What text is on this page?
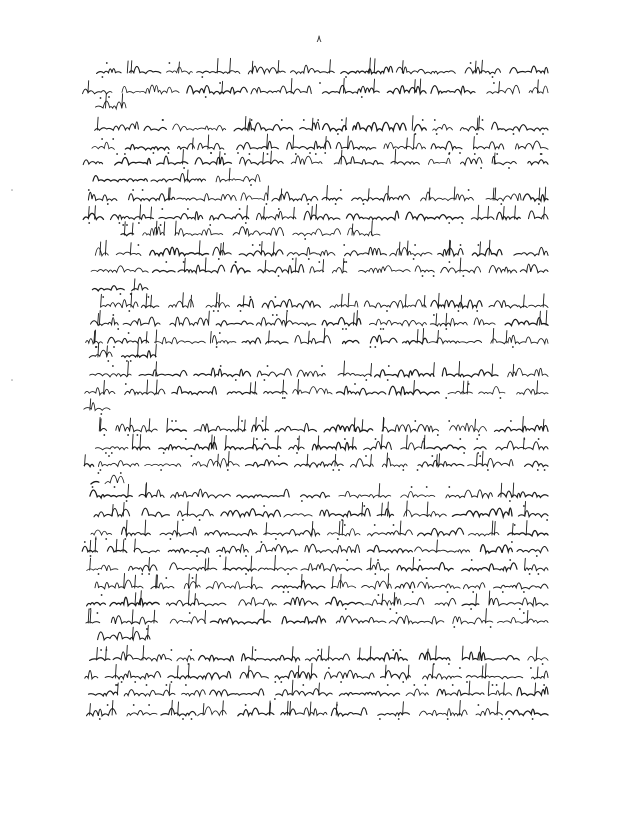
٨
